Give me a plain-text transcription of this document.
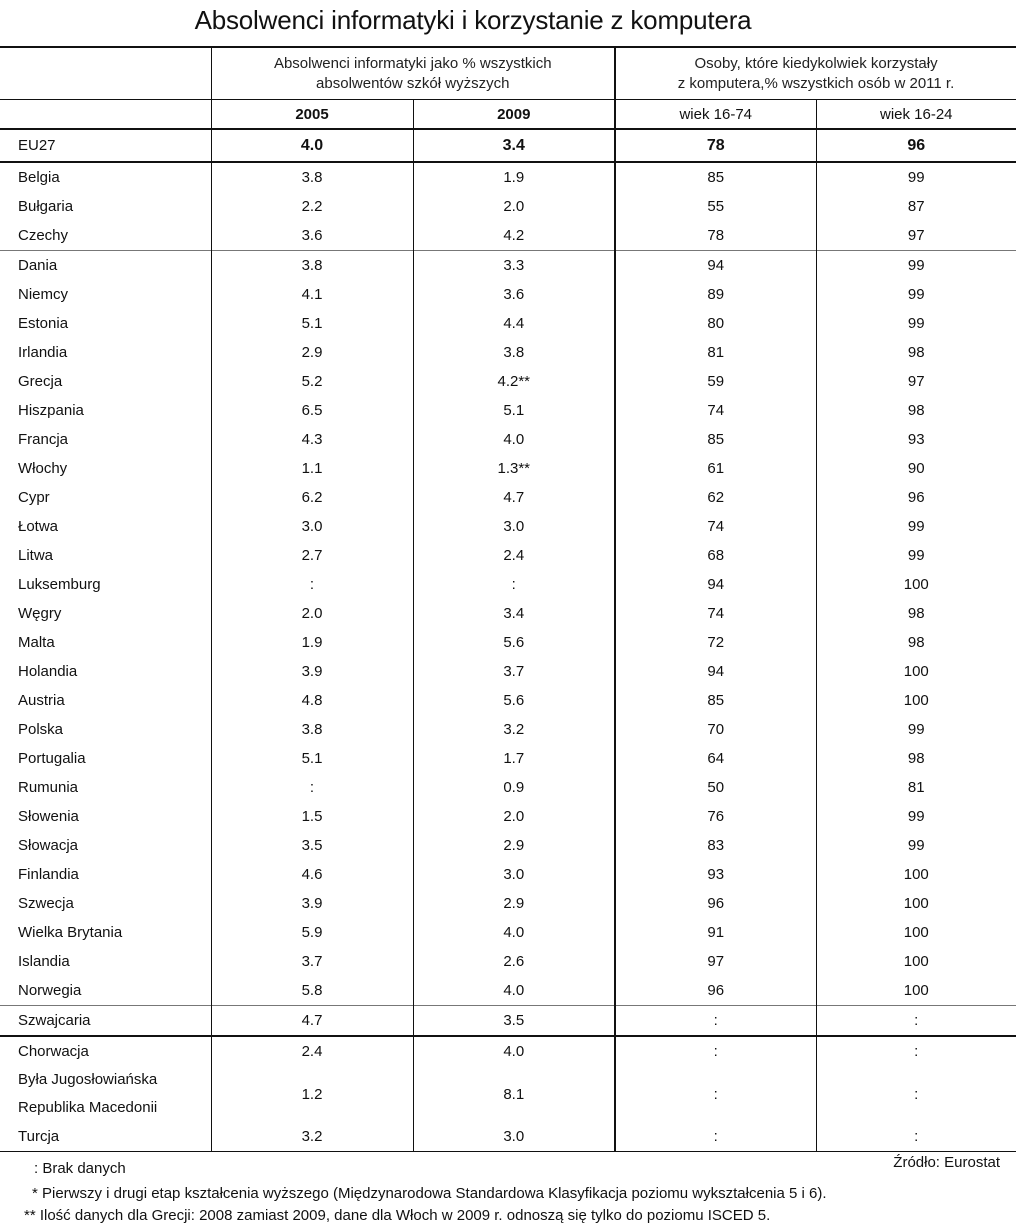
Absolwenci informatyki i korzystanie z komputera
	Absolwenci informatyki jako % wszystkich
absolwentów szkół wyższych		Osoby, które kiedykolwiek korzystały
z komputera,% wszystkich osób w 2011 r.	
	2005	2009	wiek 16-74	wiek 16-24
EU27	4.0	3.4	78	96
Belgia	3.8	1.9	85	99
Bułgaria	2.2	2.0	55	87
Czechy	3.6	4.2	78	97
Dania	3.8	3.3	94	99
Niemcy	4.1	3.6	89	99
Estonia	5.1	4.4	80	99
Irlandia	2.9	3.8	81	98
Grecja	5.2	4.2**	59	97
Hiszpania	6.5	5.1	74	98
Francja	4.3	4.0	85	93
Włochy	1.1	1.3**	61	90
Cypr	6.2	4.7	62	96
Łotwa	3.0	3.0	74	99
Litwa	2.7	2.4	68	99
Luksemburg	:	:	94	100
Węgry	2.0	3.4	74	98
Malta	1.9	5.6	72	98
Holandia	3.9	3.7	94	100
Austria	4.8	5.6	85	100
Polska	3.8	3.2	70	99
Portugalia	5.1	1.7	64	98
Rumunia	:	0.9	50	81
Słowenia	1.5	2.0	76	99
Słowacja	3.5	2.9	83	99
Finlandia	4.6	3.0	93	100
Szwecja	3.9	2.9	96	100
Wielka Brytania	5.9	4.0	91	100
Islandia	3.7	2.6	97	100
Norwegia	5.8	4.0	96	100
Szwajcaria	4.7	3.5	:	:
Chorwacja	2.4	4.0	:	:
Była Jugosłowiańska
Republika Macedonii	1.2	8.1	:	:
Turcja	3.2	3.0	:	:
: Brak danych	Źródło: Eurostat
* Pierwszy i drugi etap kształcenia wyższego (Międzynarodowa Standardowa Klasyfikacja poziomu wykształcenia 5 i 6).
** Ilość danych dla Grecji: 2008 zamiast 2009, dane dla Włoch w 2009 r. odnoszą się tylko do poziomu ISCED 5.
